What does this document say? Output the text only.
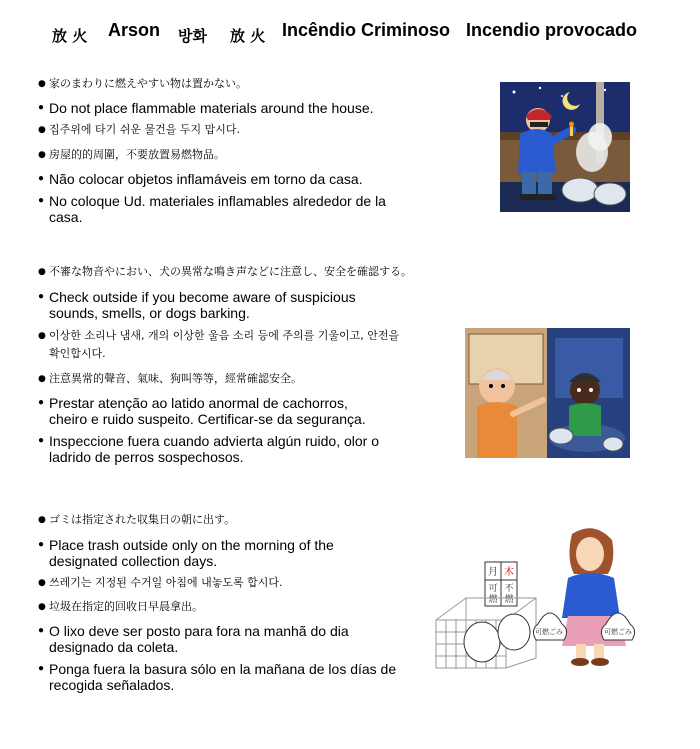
放 火 Arson 방화 放 火 Incêndio Criminoso Incendio provocado

● 家のまわりに燃えやすい物は置かない。

● Do not place flammable materials around the house.

● 집주위에 타기 쉬운 물건을 두지 맙시다.

● 房屋的的周圍，不要放置易燃物品。

● Não colocar objetos inflamáveis em torno da casa.

● No coloque Ud. materiales inflamables alrededor de la casa.

● 不審な物音やにおい、犬の異常な鳴き声などに注意し、安全を確認する。

● Check outside if you become aware of suspicious sounds, smells, or dogs barking.

● 이상한 소리나 냄새, 개의 이상한 울음 소리 등에 주의를 기울이고, 안전을 확인합시다.

● 注意異常的聲音、氣味、狗叫等等，經常確認安全。

● Prestar atenção ao latido anormal de cachorros, cheiro e ruido suspeito. Certificar-se da segurança.

● Inspeccione fuera cuando advierta algún ruido, olor o ladrido de perros sospechosos.

● ゴミは指定された収集日の朝に出す。

● Place trash outside only on the morning of the designated collection days.

● 쓰레기는 지정된 수거일 아침에 내놓도록 합시다.

● 垃圾在指定的回收日早晨拿出。

● O lixo deve ser posto para fora na manhã do dia designado da coleta.

● Ponga fuera la basura sólo en la mañana de los días de recogida señalados.

月 木
可 不
燃 燃
可燃ごみ	可燃ごみ
